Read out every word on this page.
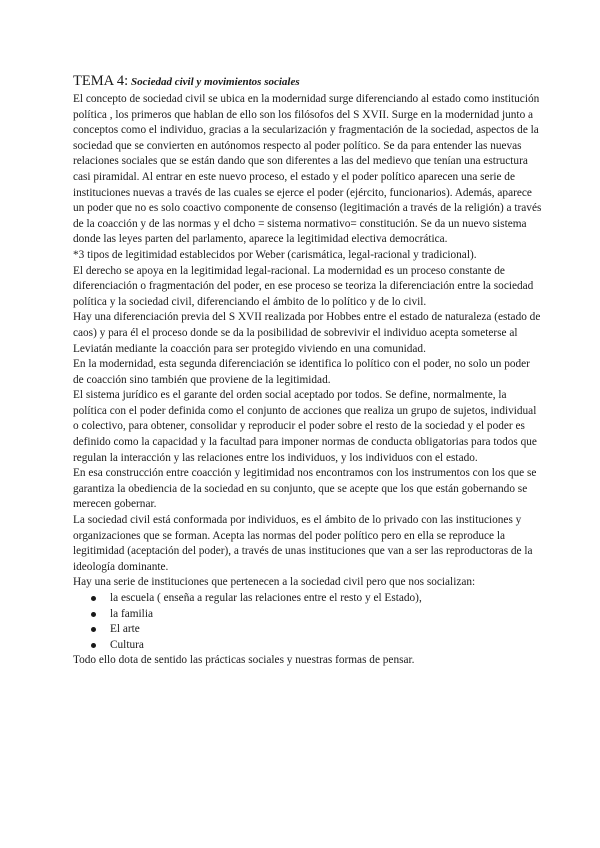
TEMA 4: Sociedad civil y movimientos sociales

El concepto de sociedad civil se ubica en la modernidad surge diferenciando al estado como institución política , los primeros que hablan de ello son los filósofos del S XVII. Surge en la modernidad junto a conceptos como el individuo, gracias a la secularización y fragmentación de la sociedad, aspectos de la sociedad que se convierten en autónomos respecto al poder político. Se da para entender las nuevas relaciones sociales que se están dando que son diferentes a las del medievo que tenían una estructura casi piramidal. Al entrar en este nuevo proceso, el estado y el poder político aparecen una serie de instituciones nuevas a través de las cuales se ejerce el poder (ejército, funcionarios). Además, aparece un poder que no es solo coactivo componente de consenso (legitimación a través de la religión) a través de la coacción y de las normas y el dcho = sistema normativo= constitución. Se da un nuevo sistema donde las leyes parten del parlamento, aparece la legitimidad electiva democrática.

*3 tipos de legitimidad establecidos por Weber (carismática, legal-racional y tradicional).

El derecho se apoya en la legitimidad legal-racional. La modernidad es un proceso constante de diferenciación o fragmentación del poder, en ese proceso se teoriza la diferenciación entre la sociedad política y la sociedad civil, diferenciando el ámbito de lo político y de lo civil.

Hay una diferenciación previa del S XVII realizada por Hobbes entre el estado de naturaleza (estado de caos) y para él el proceso donde se da la posibilidad de sobrevivir el individuo acepta someterse al Leviatán mediante la coacción para ser protegido viviendo en una comunidad.

En la modernidad, esta segunda diferenciación se identifica lo político con el poder, no solo un poder de coacción sino también que proviene de la legitimidad.

El sistema jurídico es el garante del orden social aceptado por todos. Se define, normalmente, la política con el poder definida como el conjunto de acciones que realiza un grupo de sujetos, individual o colectivo, para obtener, consolidar y reproducir el poder sobre el resto de la sociedad y el poder es definido como la capacidad y la facultad para imponer normas de conducta obligatorias para todos que regulan la interacción y las relaciones entre los individuos, y los individuos con el estado.

En esa construcción entre coacción y legitimidad nos encontramos con los instrumentos con los que se garantiza la obediencia de la sociedad en su conjunto, que se acepte que los que están gobernando se merecen gobernar.

La sociedad civil está conformada por individuos, es el ámbito de lo privado con las instituciones y organizaciones que se forman. Acepta las normas del poder político pero en ella se reproduce la legitimidad (aceptación del poder), a través de unas instituciones que van a ser las reproductoras de la ideología dominante.

Hay una serie de instituciones que pertenecen a la sociedad civil pero que nos socializan:

la escuela ( enseña a regular las relaciones entre el resto y el Estado),
la familia
El arte
Cultura

Todo ello dota de sentido las prácticas sociales y nuestras formas de pensar.
